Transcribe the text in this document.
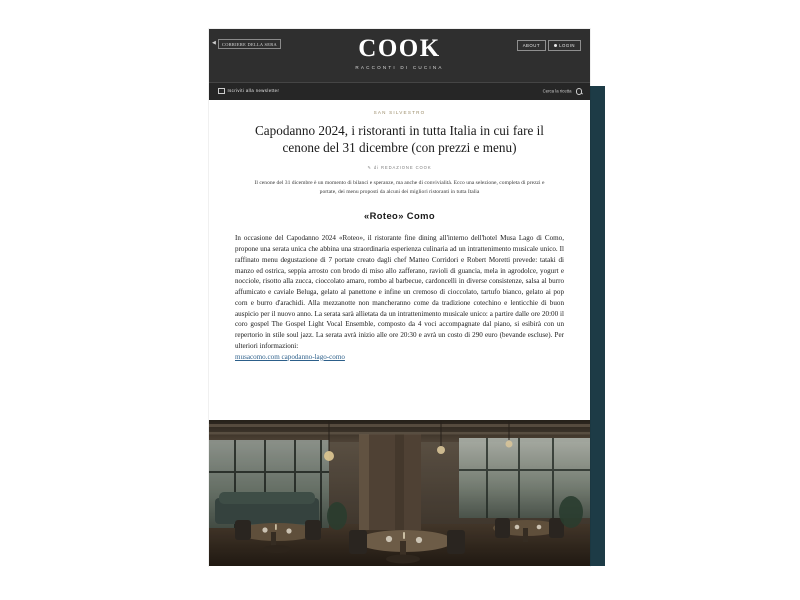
◀	CORRIERE DELLA SERA	COOK
RACCONTI DI CUCINA
ABOUT	LOGIN
Iscriviti alla newsletter	Cerca la ricetta
SAN SILVESTRO
Capodanno 2024, i ristoranti in tutta Italia in cui fare il cenone del 31 dicembre (con prezzi e menu)
✎ di REDAZIONE COOK
Il cenone del 31 dicembre è un momento di bilanci e speranze, ma anche di convivialità. Ecco una selezione, completa di prezzi e portate, dei menu proposti da alcuni dei migliori ristoranti in tutta Italia
«Roteo» Como

In occasione del Capodanno 2024 «Roteo», il ristorante fine dining all'interno dell'hotel Musa Lago di Como, propone una serata unica che abbina una straordinaria esperienza culinaria ad un intrattenimento musicale unico. Il raffinato menu degustazione di 7 portate creato dagli chef Matteo Corridori e Robert Moretti prevede: tataki di manzo ed ostrica, seppia arrosto con brodo di miso allo zafferano, ravioli di guancia, mela in agrodolce, yogurt e nocciole, risotto alla zucca, cioccolato amaro, rombo al barbecue, cardoncelli in diverse consistenze, salsa al burro affumicato e caviale Beluga, gelato al panettone e infine un cremoso di cioccolato, tartufo bianco, gelato ai pop corn e burro d'arachidi. Alla mezzanotte non mancheranno come da tradizione cotechino e lenticchie di buon auspicio per il nuovo anno. La serata sarà allietata da un intrattenimento musicale unico: a partire dalle ore 20:00 il coro gospel The Gospel Light Vocal Ensemble, composto da 4 voci accompagnate dal piano, si esibirà con un repertorio in stile soul jazz. La serata avrà inizio alle ore 20:30 e avrà un costo di 290 euro (bevande escluse). Per ulteriori informazioni:
musacomo.com capodanno-lago-como
